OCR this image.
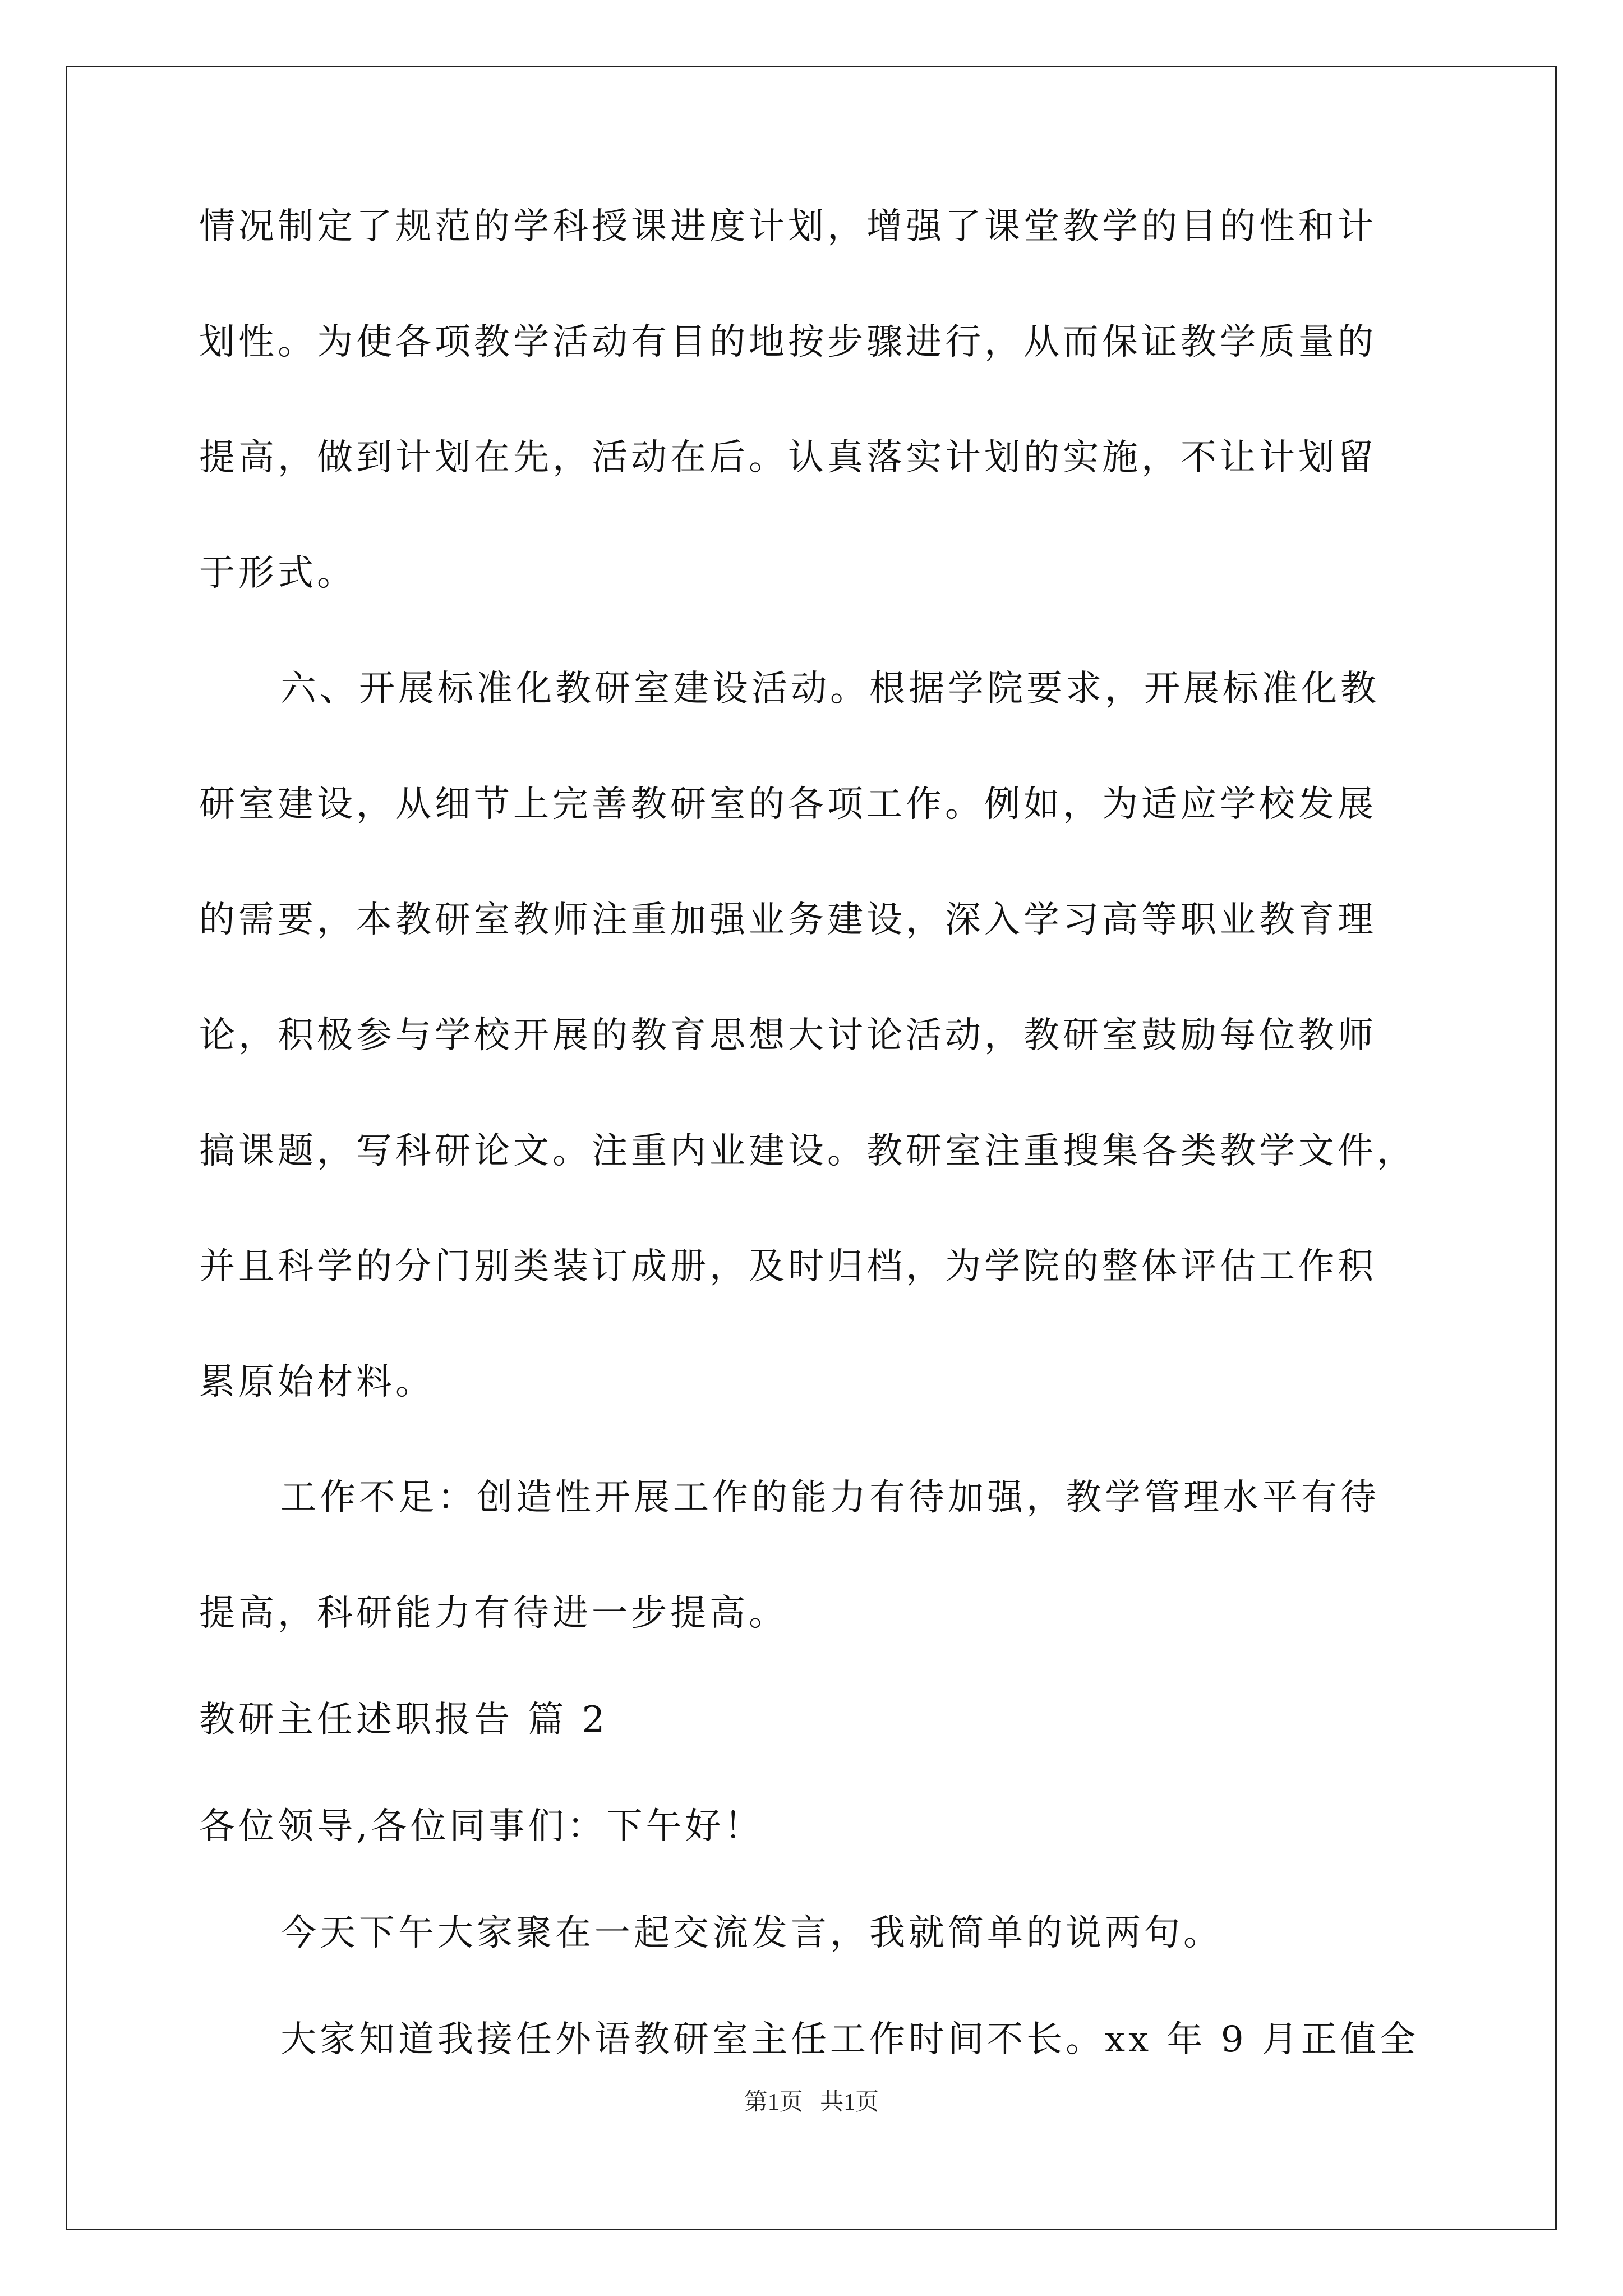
情况制定了规范的学科授课进度计划，增强了课堂教学的目的性和计

划性。为使各项教学活动有目的地按步骤进行，从而保证教学质量的

提高，做到计划在先，活动在后。认真落实计划的实施，不让计划留

于形式。

六、开展标准化教研室建设活动。根据学院要求，开展标准化教

研室建设，从细节上完善教研室的各项工作。例如，为适应学校发展

的需要，本教研室教师注重加强业务建设，深入学习高等职业教育理

论，积极参与学校开展的教育思想大讨论活动，教研室鼓励每位教师

搞课题，写科研论文。注重内业建设。教研室注重搜集各类教学文件，

并且科学的分门别类装订成册，及时归档，为学院的整体评估工作积

累原始材料。

工作不足：创造性开展工作的能力有待加强，教学管理水平有待

提高，科研能力有待进一步提高。

教研主任述职报告 篇 2

各位领导,各位同事们：下午好！

今天下午大家聚在一起交流发言，我就简单的说两句。

大家知道我接任外语教研室主任工作时间不长。xx 年 9 月正值全

第1页 共1页
